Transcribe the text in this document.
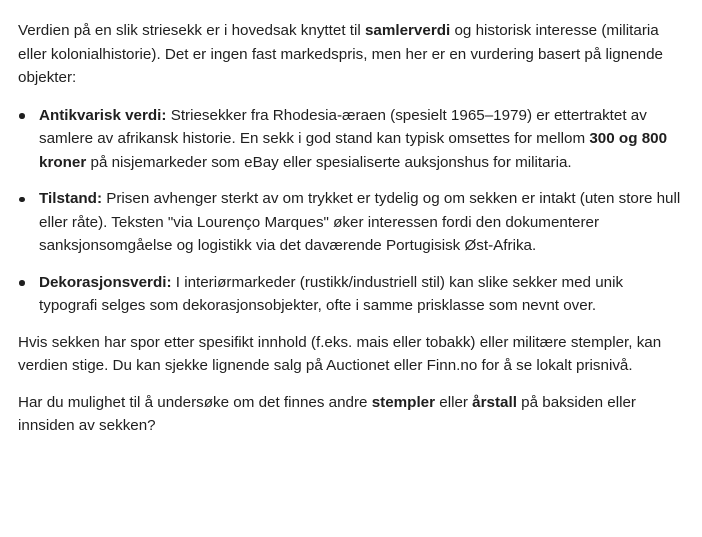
Verdien på en slik striesekk er i hovedsak knyttet til samlerverdi og historisk interesse (militaria eller kolonialhistorie). Det er ingen fast markedspris, men her er en vurdering basert på lignende objekter:

Antikvarisk verdi: Striesekker fra Rhodesia-æraen (spesielt 1965–1979) er ettertraktet av samlere av afrikansk historie. En sekk i god stand kan typisk omsettes for mellom 300 og 800 kroner på nisjemarkeder som eBay eller spesialiserte auksjonshus for militaria.
Tilstand: Prisen avhenger sterkt av om trykket er tydelig og om sekken er intakt (uten store hull eller råte). Teksten "via Lourenço Marques" øker interessen fordi den dokumenterer sanksjonsomgåelse og logistikk via det daværende Portugisisk Øst-Afrika.
Dekorasjonsverdi: I interiørmarkeder (rustikk/industriell stil) kan slike sekker med unik typografi selges som dekorasjonsobjekter, ofte i samme prisklasse som nevnt over.

Hvis sekken har spor etter spesifikt innhold (f.eks. mais eller tobakk) eller militære stempler, kan verdien stige. Du kan sjekke lignende salg på Auctionet eller Finn.no for å se lokalt prisnivå.

Har du mulighet til å undersøke om det finnes andre stempler eller årstall på baksiden eller innsiden av sekken?
